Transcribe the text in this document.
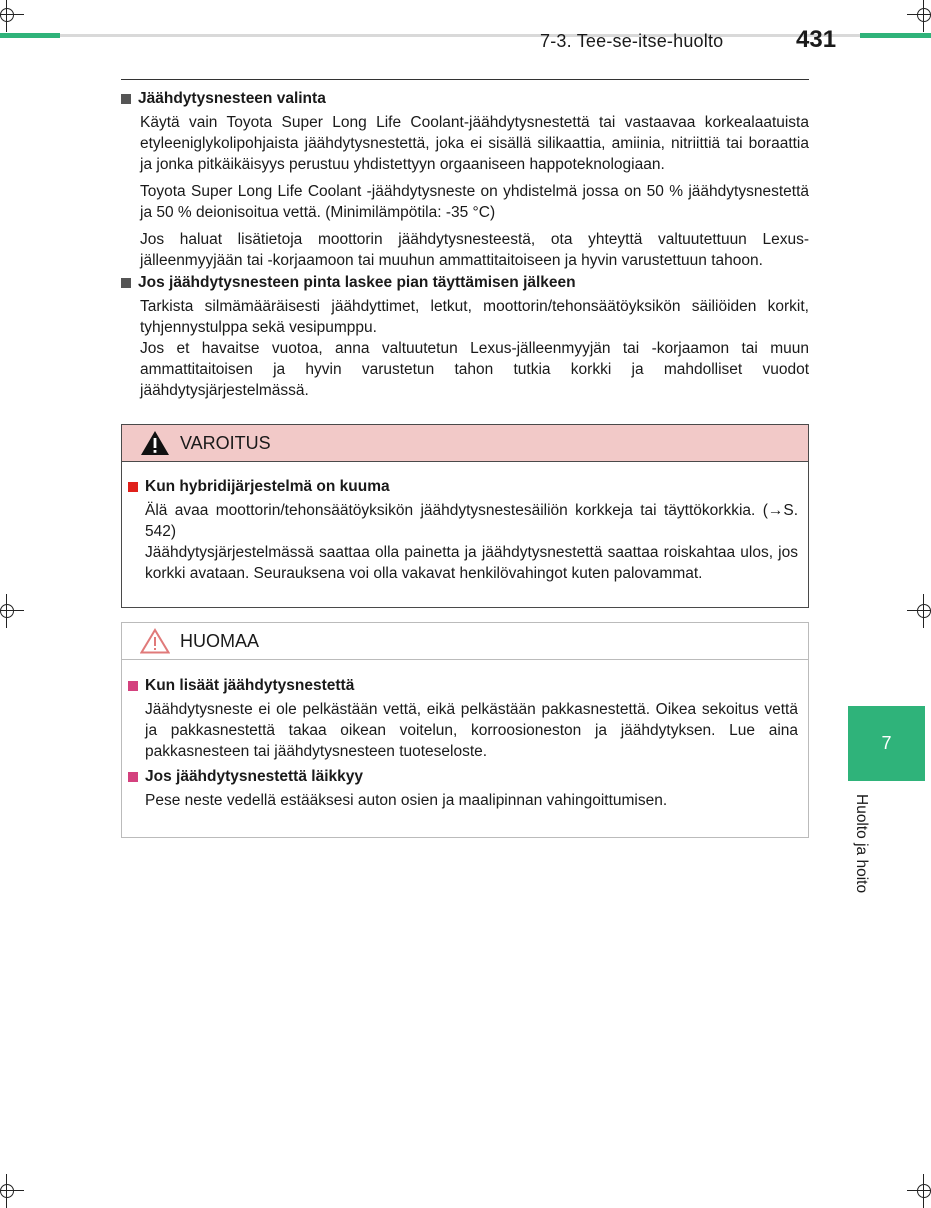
7-3. Tee-se-itse-huolto	431
Jäähdytysnesteen valinta

Käytä vain Toyota Super Long Life Coolant-jäähdytysnestettä tai vastaavaa korkealaatuista etyleeniglykolipohjaista jäähdytysnestettä, joka ei sisällä silikaattia, amiinia, nitriittiä tai boraattia ja jonka pitkäikäisyys perustuu yhdistettyyn orgaaniseen happoteknologiaan.

Toyota Super Long Life Coolant -jäähdytysneste on yhdistelmä jossa on 50 % jäähdytysnestettä ja 50 % deionisoitua vettä. (Minimilämpötila: -35 °C)

Jos haluat lisätietoja moottorin jäähdytysnesteestä, ota yhteyttä valtuutettuun Lexus-jälleenmyyjään tai -korjaamoon tai muuhun ammattitaitoiseen ja hyvin varustettuun tahoon.

Jos jäähdytysnesteen pinta laskee pian täyttämisen jälkeen

Tarkista silmämääräisesti jäähdyttimet, letkut, moottorin/tehonsäätöyksikön säiliöiden korkit, tyhjennystulppa sekä vesipumppu.

Jos et havaitse vuotoa, anna valtuutetun Lexus-jälleenmyyjän tai -korjaamon tai muun ammattitaitoisen ja hyvin varustetun tahon tutkia korkki ja mahdolliset vuodot jäähdytysjärjestelmässä.

VAROITUS
Kun hybridijärjestelmä on kuuma

Älä avaa moottorin/tehonsäätöyksikön jäähdytysnestesäiliön korkkeja tai täyttökorkkia. (→S. 542)

Jäähdytysjärjestelmässä saattaa olla painetta ja jäähdytysnestettä saattaa roiskahtaa ulos, jos korkki avataan. Seurauksena voi olla vakavat henkilövahingot kuten palovammat.

HUOMAA
Kun lisäät jäähdytysnestettä

Jäähdytysneste ei ole pelkästään vettä, eikä pelkästään pakkasnestettä. Oikea sekoitus vettä ja pakkasnestettä takaa oikean voitelun, korroosioneston ja jäähdytyksen. Lue aina pakkasnesteen tai jäähdytysnesteen tuoteseloste.

Jos jäähdytysnestettä läikkyy

Pese neste vedellä estääksesi auton osien ja maalipinnan vahingoittumisen.

7
Huolto ja hoito
